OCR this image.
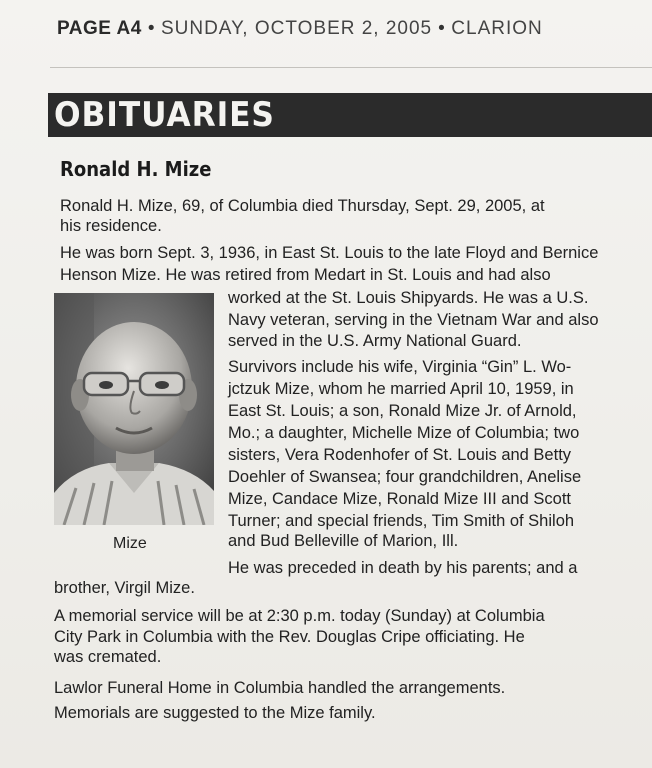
PAGE A4 • SUNDAY, OCTOBER 2, 2005 • CLARION
OBITUARIES
Ronald H. Mize

Ronald H. Mize, 69, of Columbia died Thursday, Sept. 29, 2005, at

his residence.

He was born Sept. 3, 1936, in East St. Louis to the late Floyd and Bernice

Henson Mize. He was retired from Medart in St. Louis and had also

worked at the St. Louis Shipyards. He was a U.S.

Navy veteran, serving in the Vietnam War and also

served in the U.S. Army National Guard.

Survivors include his wife, Virginia “Gin” L. Wo-

jctzuk Mize, whom he married April 10, 1959, in

East St. Louis; a son, Ronald Mize Jr. of Arnold,

Mo.; a daughter, Michelle Mize of Columbia; two

sisters, Vera Rodenhofer of St. Louis and Betty

Doehler of Swansea; four grandchildren, Anelise

Mize, Candace Mize, Ronald Mize III and Scott

Turner; and special friends, Tim Smith of Shiloh

and Bud Belleville of Marion, Ill.

He was preceded in death by his parents; and a

brother, Virgil Mize.

A memorial service will be at 2:30 p.m. today (Sunday) at Columbia

City Park in Columbia with the Rev. Douglas Cripe officiating. He

was cremated.

Lawlor Funeral Home in Columbia handled the arrangements.

Memorials are suggested to the Mize family.

Mize
